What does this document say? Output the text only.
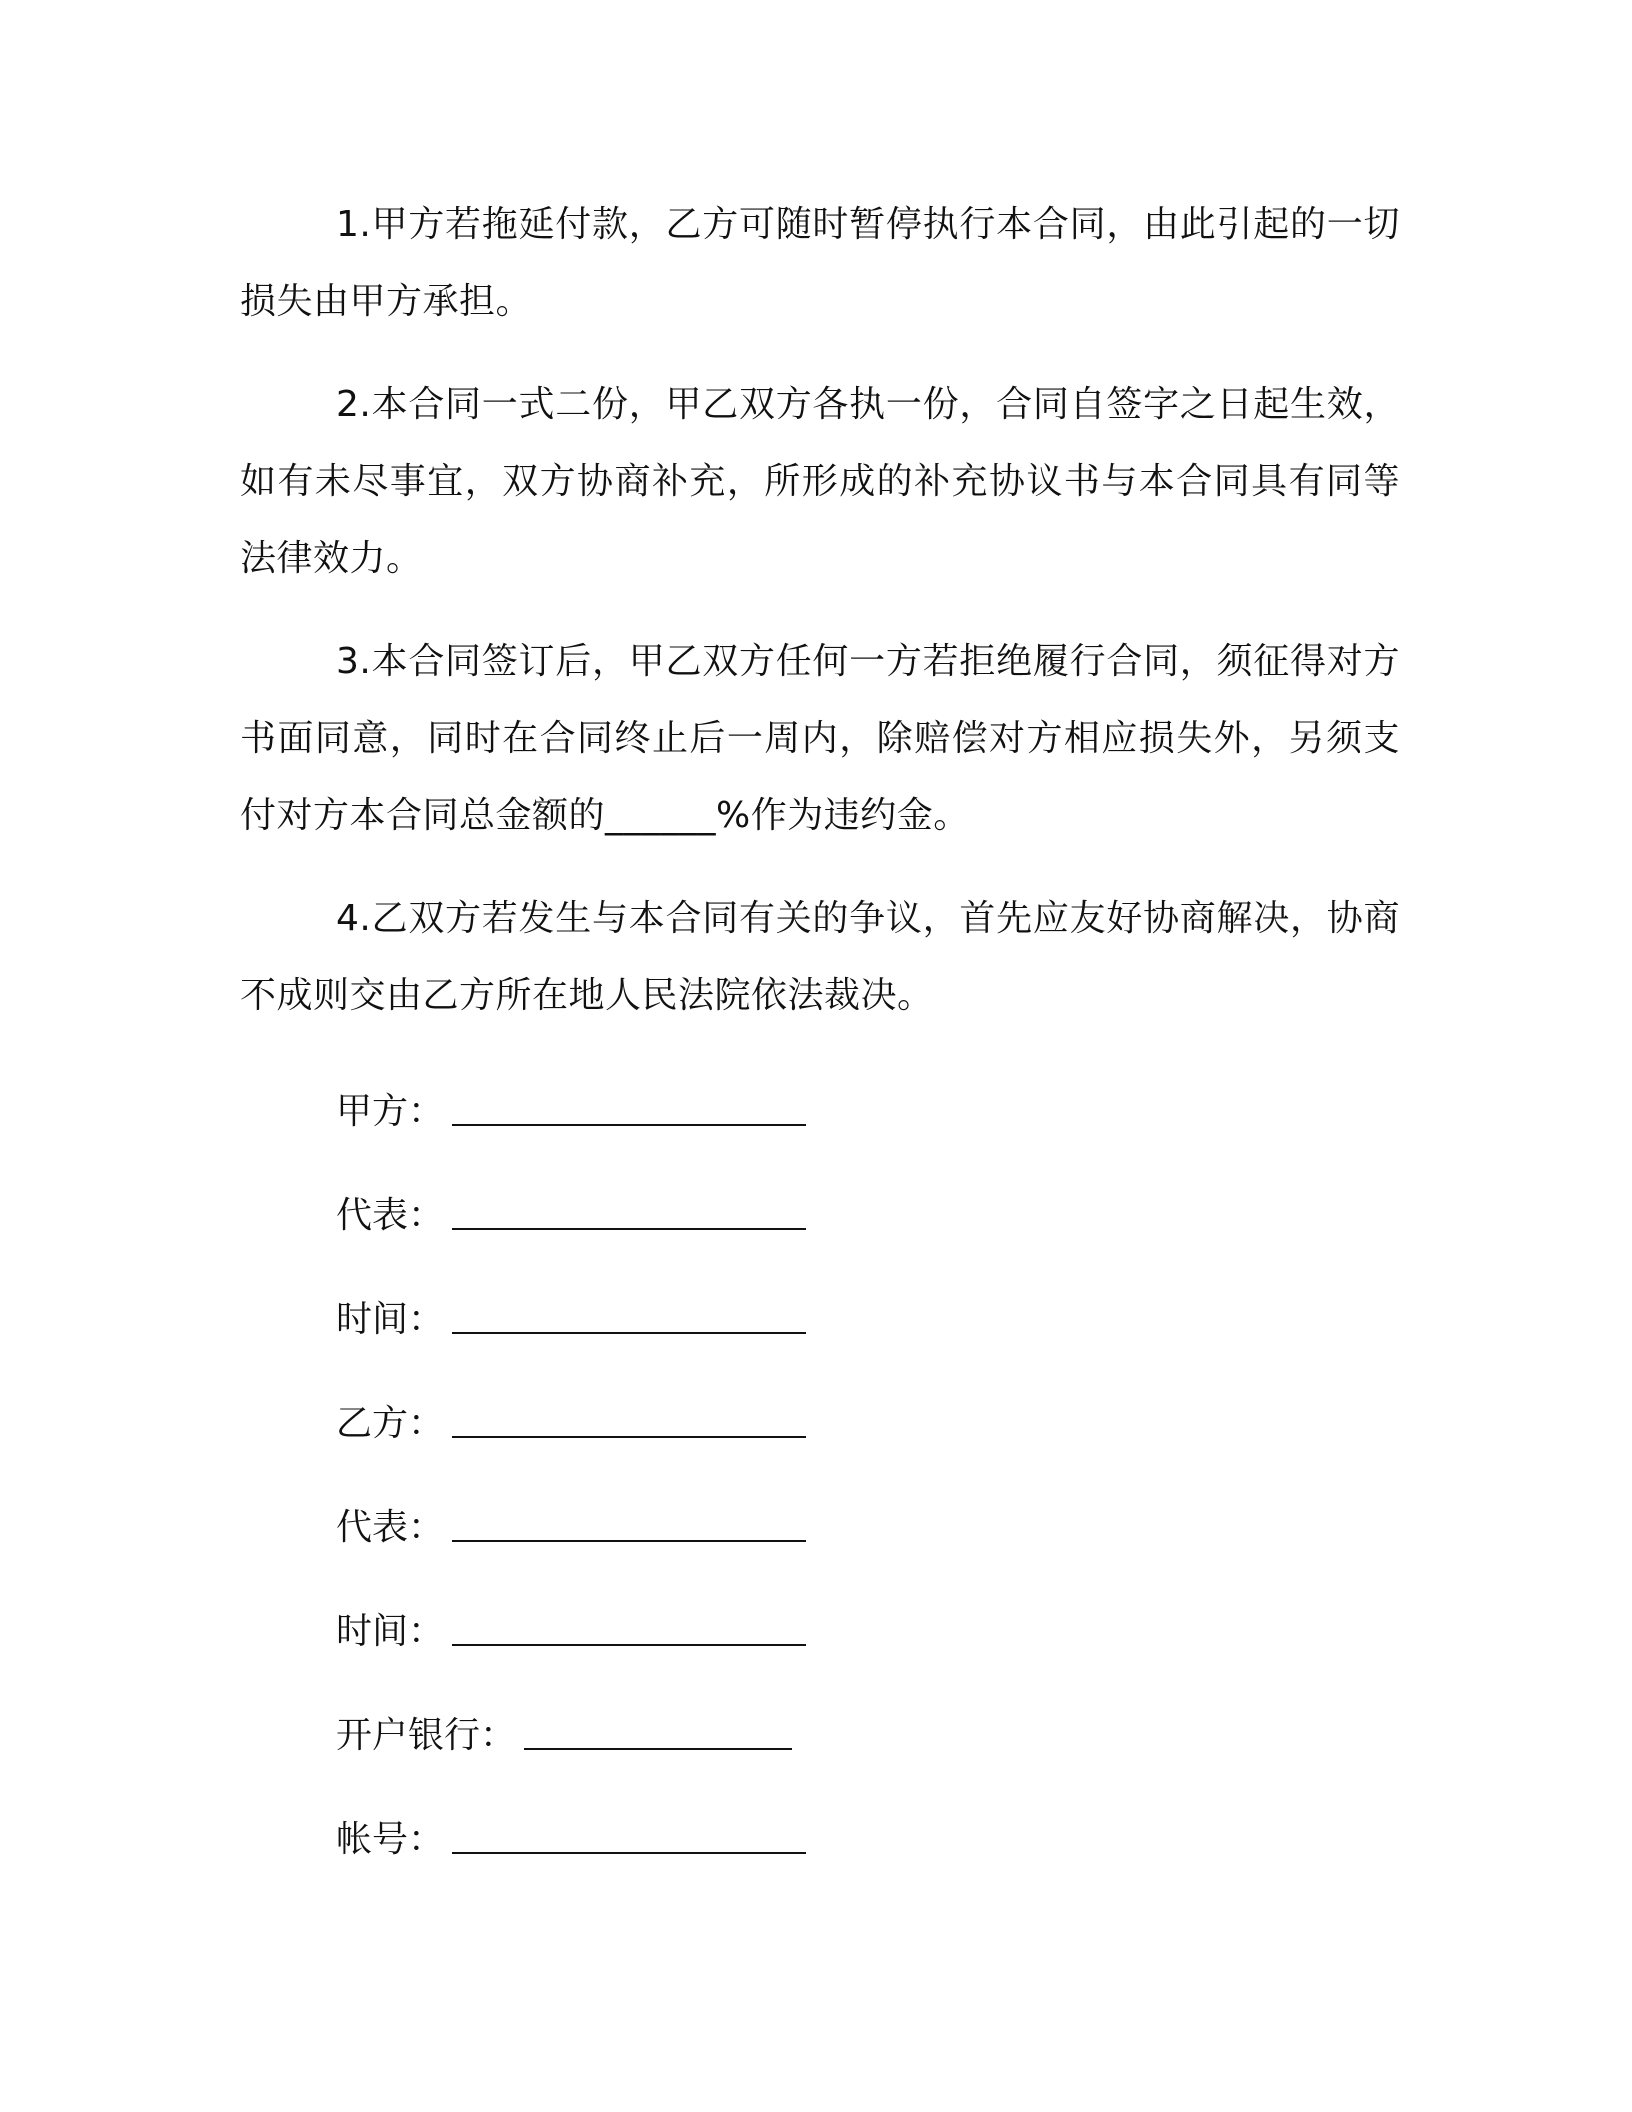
1.甲方若拖延付款，乙方可随时暂停执行本合同，由此引起的一切损失由甲方承担。

2.本合同一式二份，甲乙双方各执一份，合同自签字之日起生效，如有未尽事宜，双方协商补充，所形成的补充协议书与本合同具有同等法律效力。

3.本合同签订后，甲乙双方任何一方若拒绝履行合同，须征得对方书面同意，同时在合同终止后一周内，除赔偿对方相应损失外，另须支付对方本合同总金额的______%作为违约金。

4.乙双方若发生与本合同有关的争议，首先应友好协商解决，协商不成则交由乙方所在地人民法院依法裁决。

甲方：
代表：
时间：
乙方：
代表：
时间：
开户银行：
帐号：
